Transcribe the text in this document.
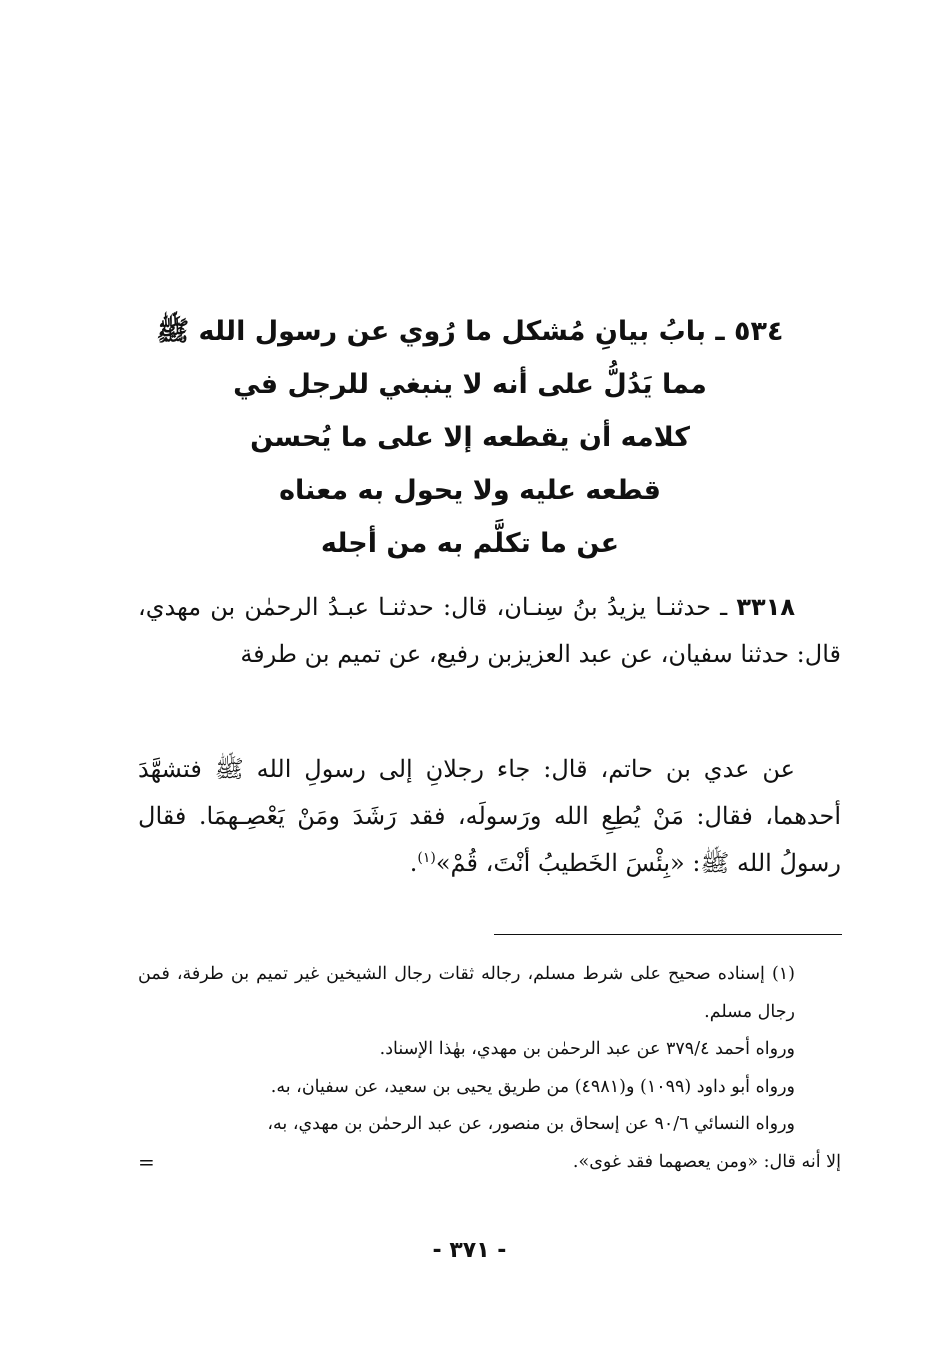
٥٣٤ ـ بابُ بيانِ مُشكل ما رُوي عن رسول الله ﷺ
مما يَدُلُّ على أنه لا ينبغي للرجل في
كلامه أن يقطعه إلا على ما يُحسن
قطعه عليه ولا يحول به معناه
عن ما تكلَّم به من أجله
٣٣١٨ ـ حدثنـا يزيدُ بنُ سِنـان، قال: حدثنـا عبـدُ الرحمٰن بن مهدي، قال: حدثنا سفيان، عن عبد العزيزبن رفيع، عن تميم بن طرفة
عن عدي بن حاتم، قال: جاء رجلانِ إلى رسولِ الله ﷺ فتشهَّدَ أحدهما، فقال: مَنْ يُطِعِ الله ورَسولَه، فقد رَشَدَ ومَنْ يَعْصِـهمَا. فقال رسولُ الله ﷺ: «بِئْسَ الخَطيبُ أنْتَ، قُمْ»$^{(١)}$.
(١) إسناده صحيح على شرط مسلم، رجاله ثقات رجال الشيخين غير تميم بن طرفة، فمن رجال مسلم.
ورواه أحمد ٣٧٩/٤ عن عبد الرحمٰن بن مهدي، بهٰذا الإسناد.
ورواه أبو داود (١٠٩٩) و(٤٩٨١) من طريق يحيى بن سعيد، عن سفيان، به.
ورواه النسائي ٩٠/٦ عن إسحاق بن منصور، عن عبد الرحمٰن بن مهدي، به،
إلا أنه قال: «ومن يعصهما فقد غوى».
=
- ٣٧١ -
